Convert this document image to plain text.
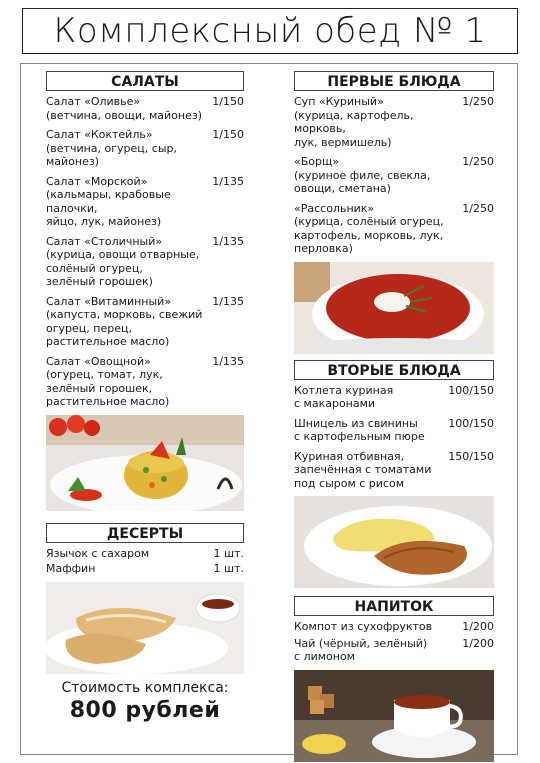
Комплексный обед № 1
САЛАТЫ
Салат «Оливье»
(ветчина, овощи, майонез)
1/150
Салат «Коктейль»
(ветчина, огурец, сыр,
майонез)
1/150
Салат «Морской»
(кальмары, крабовые палочки,
яйцо, лук, майонез)
1/135
Салат «Столичный»
(курица, овощи отварные,
солёный огурец,
зелёный горошек)
1/135
Салат «Витаминный»
(капуста, морковь, свежий
огурец, перец,
растительное масло)
1/135
Салат «Овощной»
(огурец, томат, лук,
зелёный горошек,
растительное масло)
1/135
ДЕСЕРТЫ
Язычок с сахаром	1 шт.
Маффин	1 шт.
Стоимость комплекса:
800 рублей
ПЕРВЫЕ БЛЮДА
Суп «Куриный»
(курица, картофель, морковь,
лук, вермишель)
1/250
«Борщ»
(куриное филе, свекла,
овощи, сметана)
1/250
«Рассольник»
(курица, солёный огурец,
картофель, морковь, лук,
перловка)
1/250
ВТОРЫЕ БЛЮДА
Котлета куриная
с макаронами
100/150
Шницель из свинины
с картофельным пюре
100/150
Куриная отбивная,
запечённая с томатами
под сыром с рисом
150/150
НАПИТОК
Компот из сухофруктов	1/200
Чай (чёрный, зелёный)
с лимоном
1/200
